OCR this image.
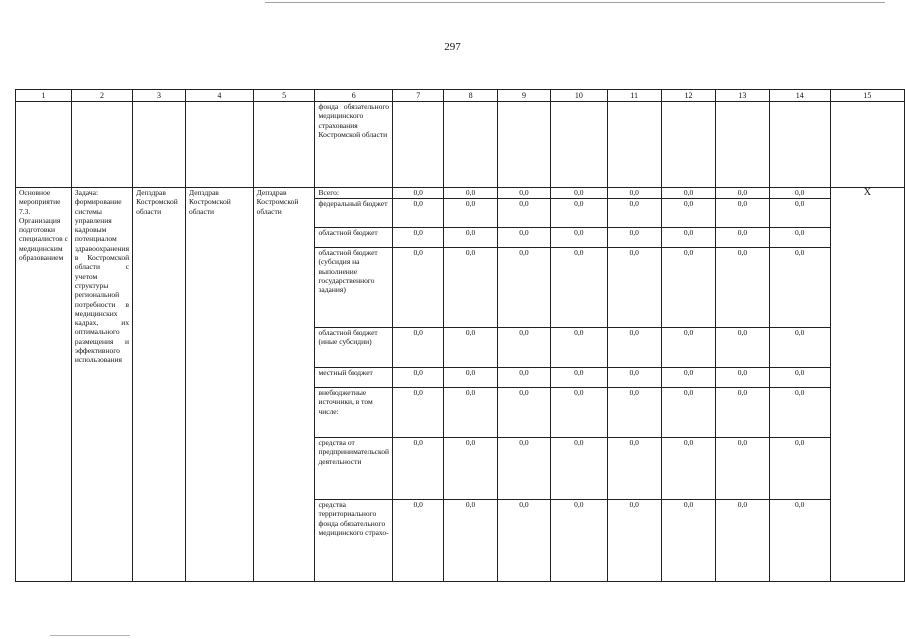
297
1	2	3	4	5	6	7	8	9	10	11	12	13	14	15
					фонда обязательного медицинского страхования Костромской области									
Основное мероприятие 7.3. Организация подготовки специалистов с медицинским образованием	Задача: формирование системы управления кадровым потенциалом здравоохранения в Костромской области с учетом структуры региональной потребности в медицинских кадрах, их оптимального размещения и эффективного использования	Депздрав Костромской области	Депздрав Костромской области	Депздрав Костромской области	Всего:	0,0	0,0	0,0	0,0	0,0	0,0	0,0	0,0	Х
					федеральный бюджет	0,0	0,0	0,0	0,0	0,0	0,0	0,0	0,0	
					областной бюджет	0,0	0,0	0,0	0,0	0,0	0,0	0,0	0,0	
					областной бюджет (субсидия на выполнение государственного задания)	0,0	0,0	0,0	0,0	0,0	0,0	0,0	0,0	
					областной бюджет (иные субсидии)	0,0	0,0	0,0	0,0	0,0	0,0	0,0	0,0	
					местный бюджет	0,0	0,0	0,0	0,0	0,0	0,0	0,0	0,0	
					внебюджетные источники, в том числе:	0,0	0,0	0,0	0,0	0,0	0,0	0,0	0,0	
					средства от предпринимательской деятельности	0,0	0,0	0,0	0,0	0,0	0,0	0,0	0,0	
					средства территориального фонда обязательного медицинского страхо-	0,0	0,0	0,0	0,0	0,0	0,0	0,0	0,0	
